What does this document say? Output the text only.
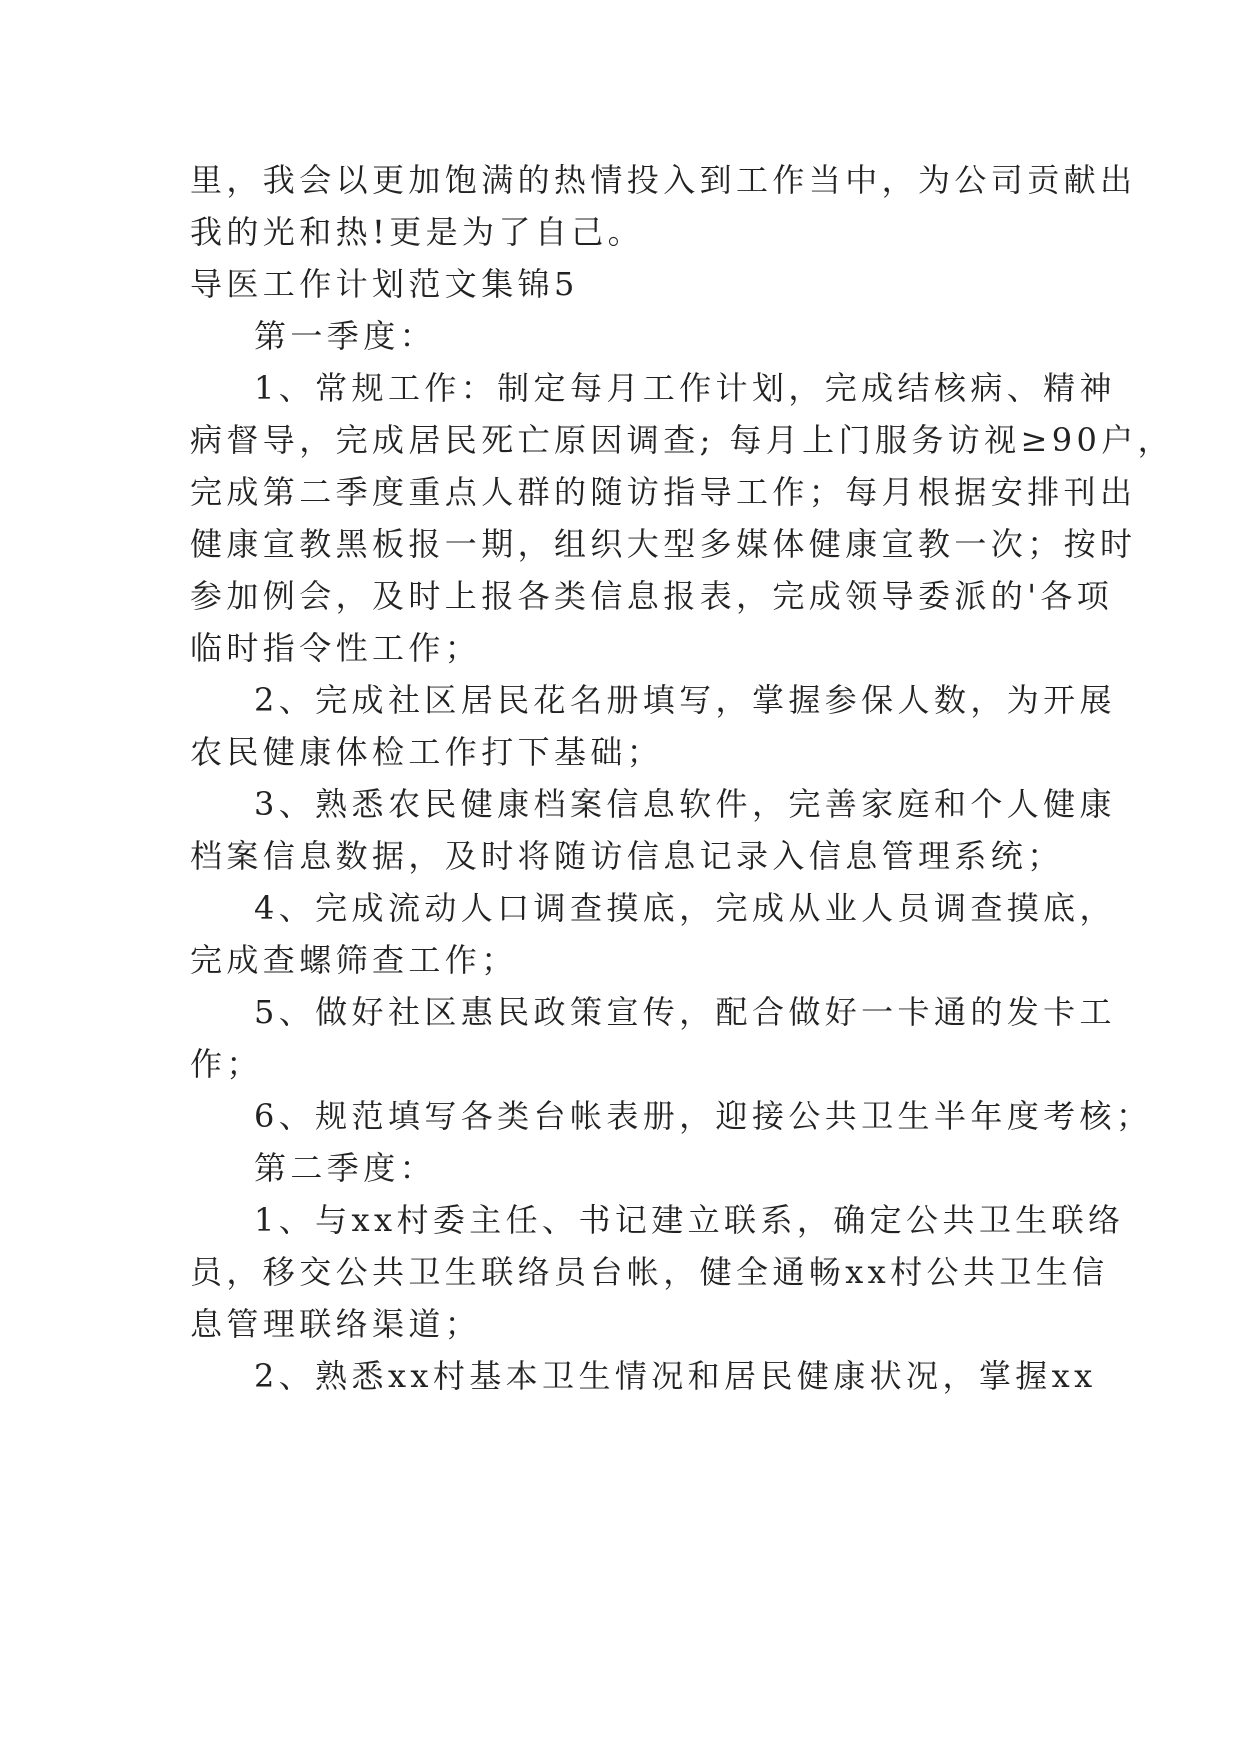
里，我会以更加饱满的热情投入到工作当中，为公司贡献出
我的光和热!更是为了自己。
导医工作计划范文集锦5
第一季度：
1、常规工作：制定每月工作计划，完成结核病、精神
病督导，完成居民死亡原因调查; 每月上门服务访视≥90户，
完成第二季度重点人群的随访指导工作；每月根据安排刊出
健康宣教黑板报一期，组织大型多媒体健康宣教一次；按时
参加例会，及时上报各类信息报表，完成领导委派的'各项
临时指令性工作；
2、完成社区居民花名册填写，掌握参保人数，为开展
农民健康体检工作打下基础；
3、熟悉农民健康档案信息软件，完善家庭和个人健康
档案信息数据，及时将随访信息记录入信息管理系统；
4、完成流动人口调查摸底，完成从业人员调查摸底，
完成查螺筛查工作；
5、做好社区惠民政策宣传，配合做好一卡通的发卡工
作；
6、规范填写各类台帐表册，迎接公共卫生半年度考核；
第二季度：
1、与xx村委主任、书记建立联系，确定公共卫生联络
员，移交公共卫生联络员台帐，健全通畅xx村公共卫生信
息管理联络渠道；
2、熟悉xx村基本卫生情况和居民健康状况，掌握xx
